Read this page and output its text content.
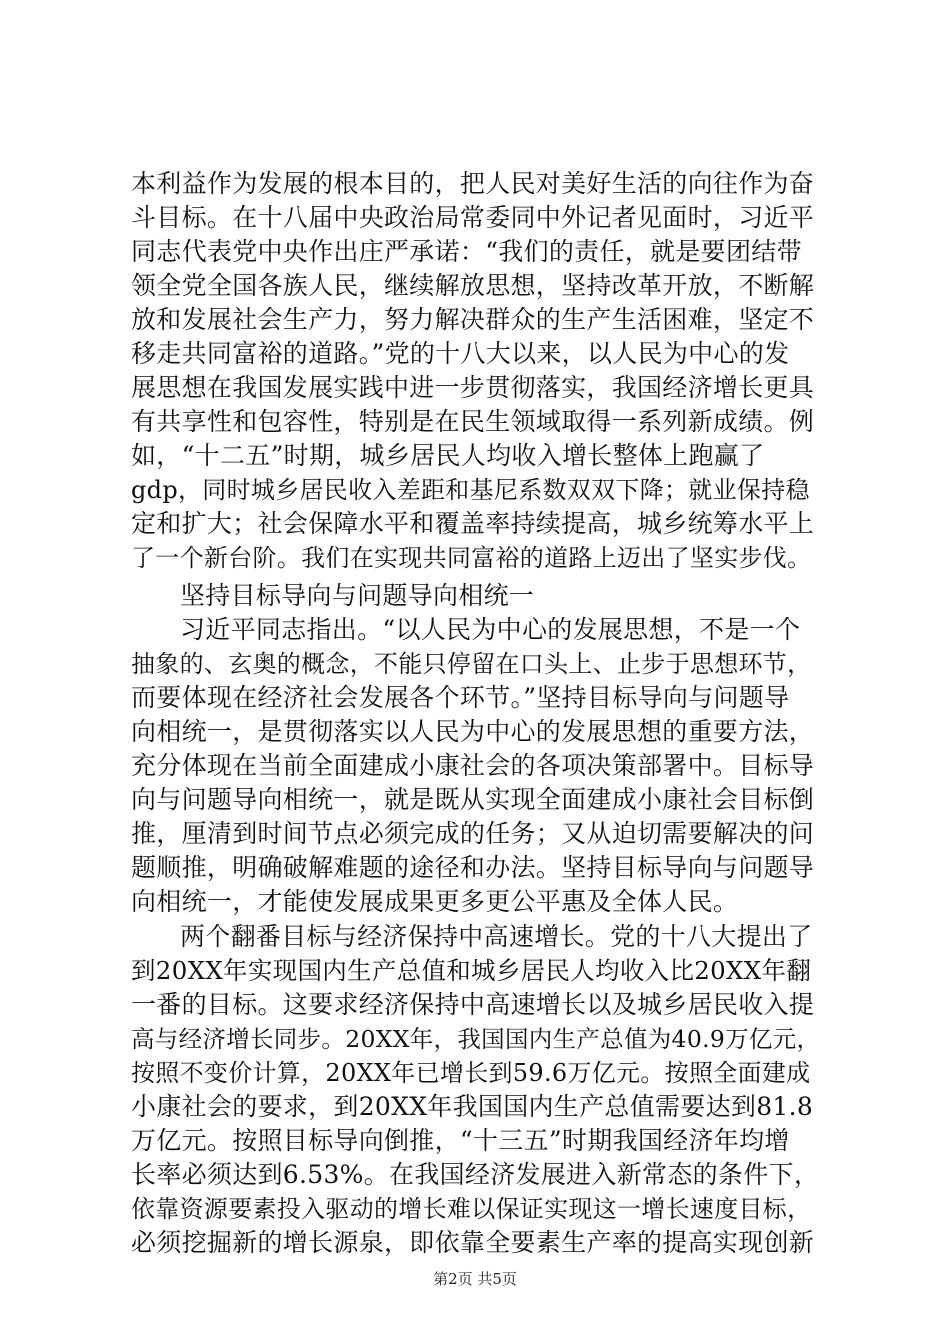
本利益作为发展的根本目的，把人民对美好生活的向往作为奋
斗目标。在十八届中央政治局常委同中外记者见面时，习近平
同志代表党中央作出庄严承诺：“我们的责任，就是要团结带
领全党全国各族人民，继续解放思想，坚持改革开放，不断解
放和发展社会生产力，努力解决群众的生产生活困难，坚定不
移走共同富裕的道路。”党的十八大以来，以人民为中心的发
展思想在我国发展实践中进一步贯彻落实，我国经济增长更具
有共享性和包容性，特别是在民生领域取得一系列新成绩。例
如，“十二五”时期，城乡居民人均收入增长整体上跑赢了
gdp，同时城乡居民收入差距和基尼系数双双下降；就业保持稳
定和扩大；社会保障水平和覆盖率持续提高，城乡统筹水平上
了一个新台阶。我们在实现共同富裕的道路上迈出了坚实步伐。
坚持目标导向与问题导向相统一
习近平同志指出。“以人民为中心的发展思想，不是一个
抽象的、玄奥的概念，不能只停留在口头上、止步于思想环节，
而要体现在经济社会发展各个环节。”坚持目标导向与问题导
向相统一，是贯彻落实以人民为中心的发展思想的重要方法，
充分体现在当前全面建成小康社会的各项决策部署中。目标导
向与问题导向相统一，就是既从实现全面建成小康社会目标倒
推，厘清到时间节点必须完成的任务；又从迫切需要解决的问
题顺推，明确破解难题的途径和办法。坚持目标导向与问题导
向相统一，才能使发展成果更多更公平惠及全体人民。
两个翻番目标与经济保持中高速增长。党的十八大提出了
到20XX年实现国内生产总值和城乡居民人均收入比20XX年翻
一番的目标。这要求经济保持中高速增长以及城乡居民收入提
高与经济增长同步。20XX年，我国国内生产总值为40.9万亿元，
按照不变价计算，20XX年已增长到59.6万亿元。按照全面建成
小康社会的要求，到20XX年我国国内生产总值需要达到81.8
万亿元。按照目标导向倒推，“十三五”时期我国经济年均增
长率必须达到6.53%。在我国经济发展进入新常态的条件下，
依靠资源要素投入驱动的增长难以保证实现这一增长速度目标，
必须挖掘新的增长源泉，即依靠全要素生产率的提高实现创新
第2页 共5页
